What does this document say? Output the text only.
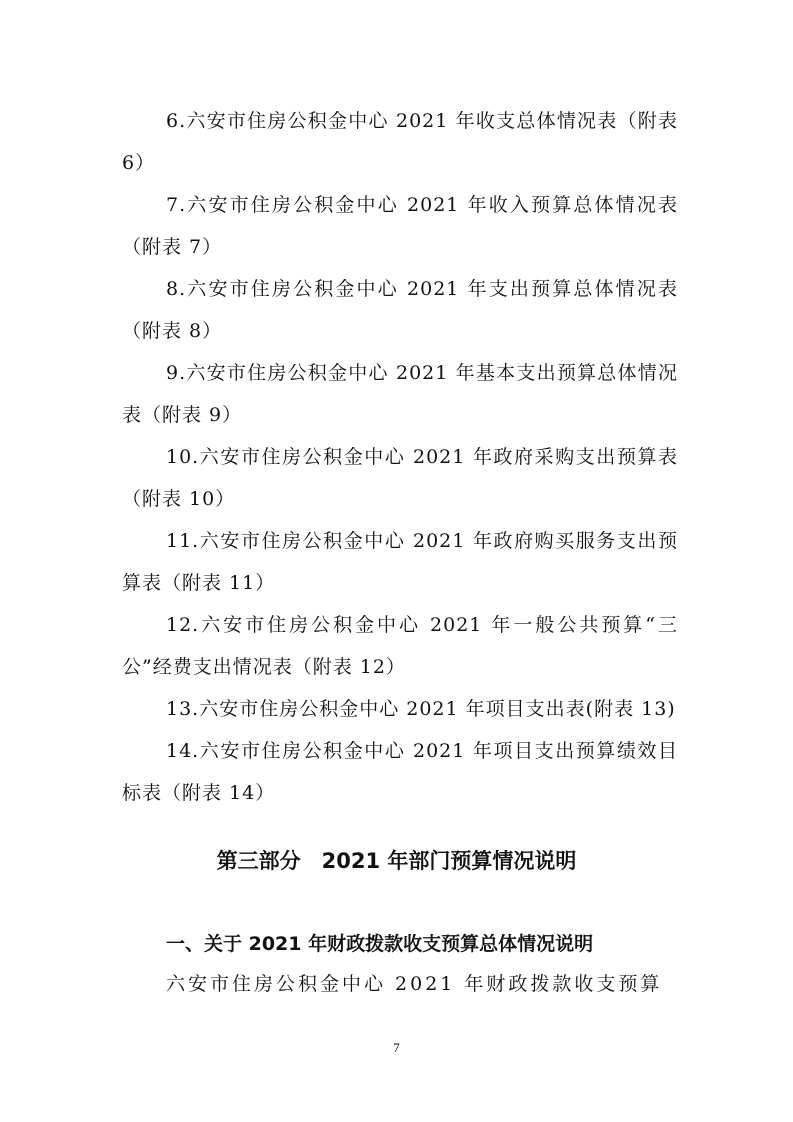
6.六安市住房公积金中心 2021 年收支总体情况表（附表 6）

7.六安市住房公积金中心 2021 年收入预算总体情况表（附表 7）

8.六安市住房公积金中心 2021 年支出预算总体情况表（附表 8）

9.六安市住房公积金中心 2021 年基本支出预算总体情况表（附表 9）

10.六安市住房公积金中心 2021 年政府采购支出预算表（附表 10）

11.六安市住房公积金中心 2021 年政府购买服务支出预算表（附表 11）

12.六安市住房公积金中心 2021 年一般公共预算“三公”经费支出情况表（附表 12）

13.六安市住房公积金中心 2021 年项目支出表(附表 13)

14.六安市住房公积金中心 2021 年项目支出预算绩效目标表（附表 14）

第三部分　2021 年部门预算情况说明
一、关于 2021 年财政拨款收支预算总体情况说明

六安市住房公积金中心 2021 年财政拨款收支预算

7
